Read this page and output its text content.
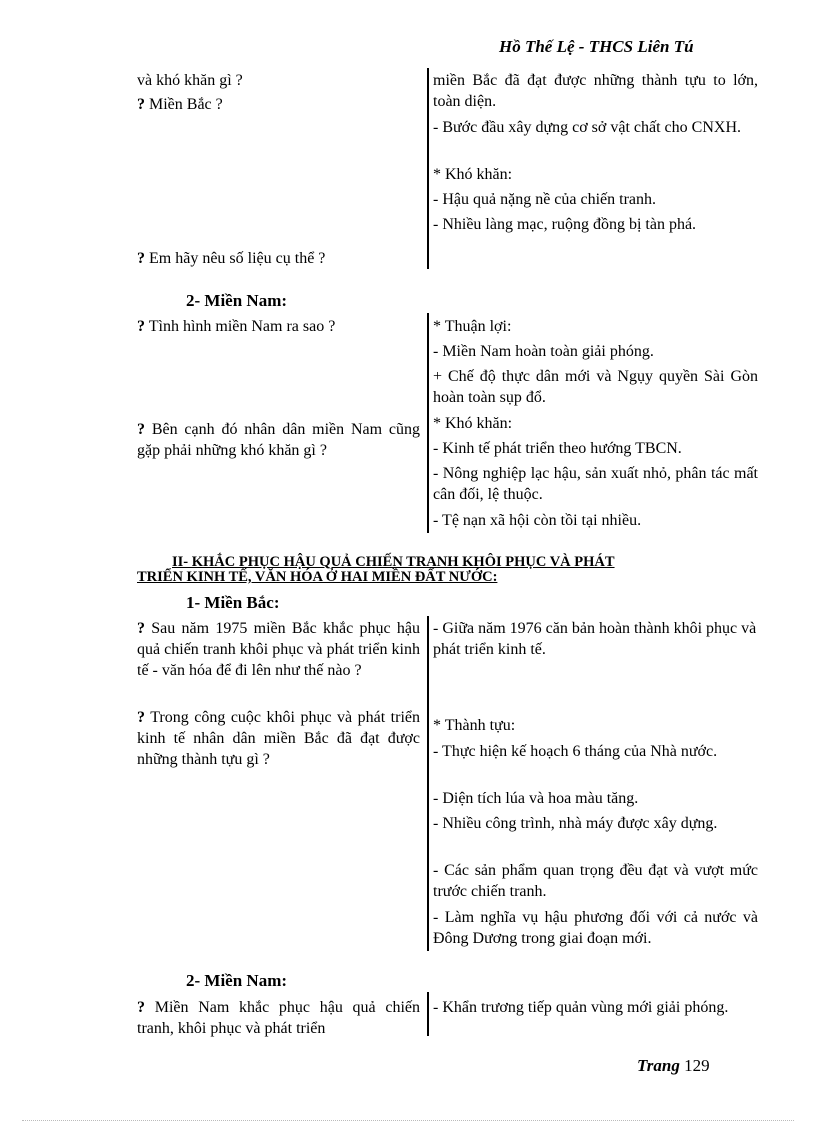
Hồ Thế Lệ - THCS Liên Tú
và khó khăn gì ?
? Miền Bắc ?
? Em hãy nêu số liệu cụ thể ?
miền Bắc đã đạt được những thành tựu to lớn, toàn diện.
- Bước đầu xây dựng cơ sở vật chất cho CNXH.
* Khó khăn:
- Hậu quả nặng nề của chiến tranh.
- Nhiều làng mạc, ruộng đồng bị tàn phá.
2- Miền Nam:
? Tình hình miền Nam ra sao ?
? Bên cạnh đó nhân dân miền Nam cũng gặp phải những khó khăn gì ?
* Thuận lợi:
- Miền Nam hoàn toàn giải phóng.
+ Chế độ thực dân mới và Ngụy quyền Sài Gòn hoàn toàn sụp đổ.
* Khó khăn:
- Kinh tế phát triển theo hướng TBCN.
- Nông nghiệp lạc hậu, sản xuất nhỏ, phân tác mất cân đối, lệ thuộc.
- Tệ nạn xã hội còn tồi tại nhiều.
II- KHẮC PHỤC HẬU QUẢ CHIẾN TRANH KHÔI PHỤC VÀ PHÁT
TRIỂN KINH TẾ, VĂN HÓA Ở HAI MIỀN ĐẤT NƯỚC:
1- Miền Bắc:
? Sau năm 1975 miền Bắc khắc phục hậu quả chiến tranh khôi phục và phát triển kinh tế - văn hóa để đi lên như thế nào ?
? Trong công cuộc khôi phục và phát triển kinh tế nhân dân miền Bắc đã đạt được những thành tựu gì ?
- Giữa năm 1976 căn bản hoàn thành khôi phục và phát triển kinh tế.
* Thành tựu:
- Thực hiện kế hoạch 6 tháng của Nhà nước.
- Diện tích lúa và hoa màu tăng.
- Nhiều công trình, nhà máy được xây dựng.
- Các sản phẩm quan trọng đều đạt và vượt mức trước chiến tranh.
- Làm nghĩa vụ hậu phương đối với cả nước và Đông Dương trong giai đoạn mới.
2- Miền Nam:
? Miền Nam khắc phục hậu quả chiến tranh, khôi phục và phát triển
- Khẩn trương tiếp quản vùng mới giải phóng.
Trang 129
